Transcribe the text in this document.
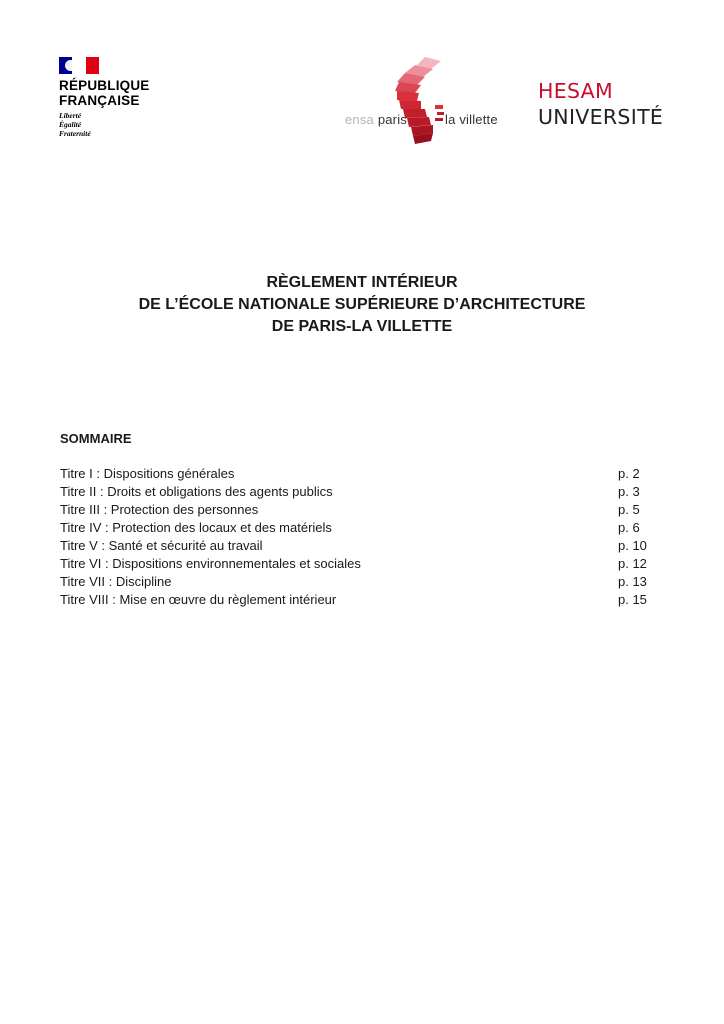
RÉPUBLIQUE
FRANÇAISE
Liberté
Égalité
Fraternité
ensa paris	la villette
HESAM
UNIVERSITÉ
RÈGLEMENT INTÉRIEUR
DE L’ÉCOLE NATIONALE SUPÉRIEURE D’ARCHITECTURE
DE PARIS-LA VILLETTE
SOMMAIRE
Titre I : Dispositions générales	p. 2
Titre II : Droits et obligations des agents publics	p. 3
Titre III : Protection des personnes	p. 5
Titre IV : Protection des locaux et des matériels	p. 6
Titre V : Santé et sécurité au travail	p. 10
Titre VI : Dispositions environnementales et sociales	p. 12
Titre VII : Discipline	p. 13
Titre VIII : Mise en œuvre du règlement intérieur	p. 15
